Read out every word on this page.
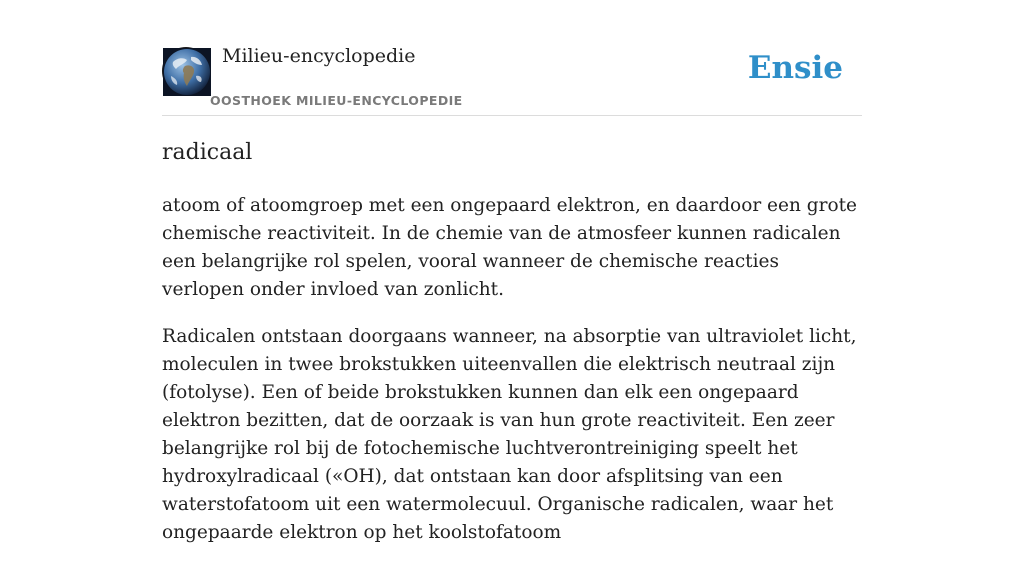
Milieu-encyclopedie
OOSTHOEK MILIEU-ENCYCLOPEDIE
Ensie
radicaal

atoom of atoomgroep met een ongepaard elektron, en daardoor een grote chemische reactiviteit. In de chemie van de atmosfeer kunnen radicalen een belangrijke rol spelen, vooral wanneer de chemische reacties verlopen onder invloed van zonlicht.

Radicalen ontstaan doorgaans wanneer, na absorptie van ultraviolet licht, moleculen in twee brokstukken uiteenvallen die elektrisch neutraal zijn (fotolyse). Een of beide brokstukken kunnen dan elk een ongepaard elektron bezitten, dat de oorzaak is van hun grote reactiviteit. Een zeer belangrijke rol bij de fotochemische luchtverontreiniging speelt het hydroxylradicaal («OH), dat ontstaan kan door afsplitsing van een waterstofatoom uit een watermolecuul. Organische radicalen, waar het ongepaarde elektron op het koolstofatoom
